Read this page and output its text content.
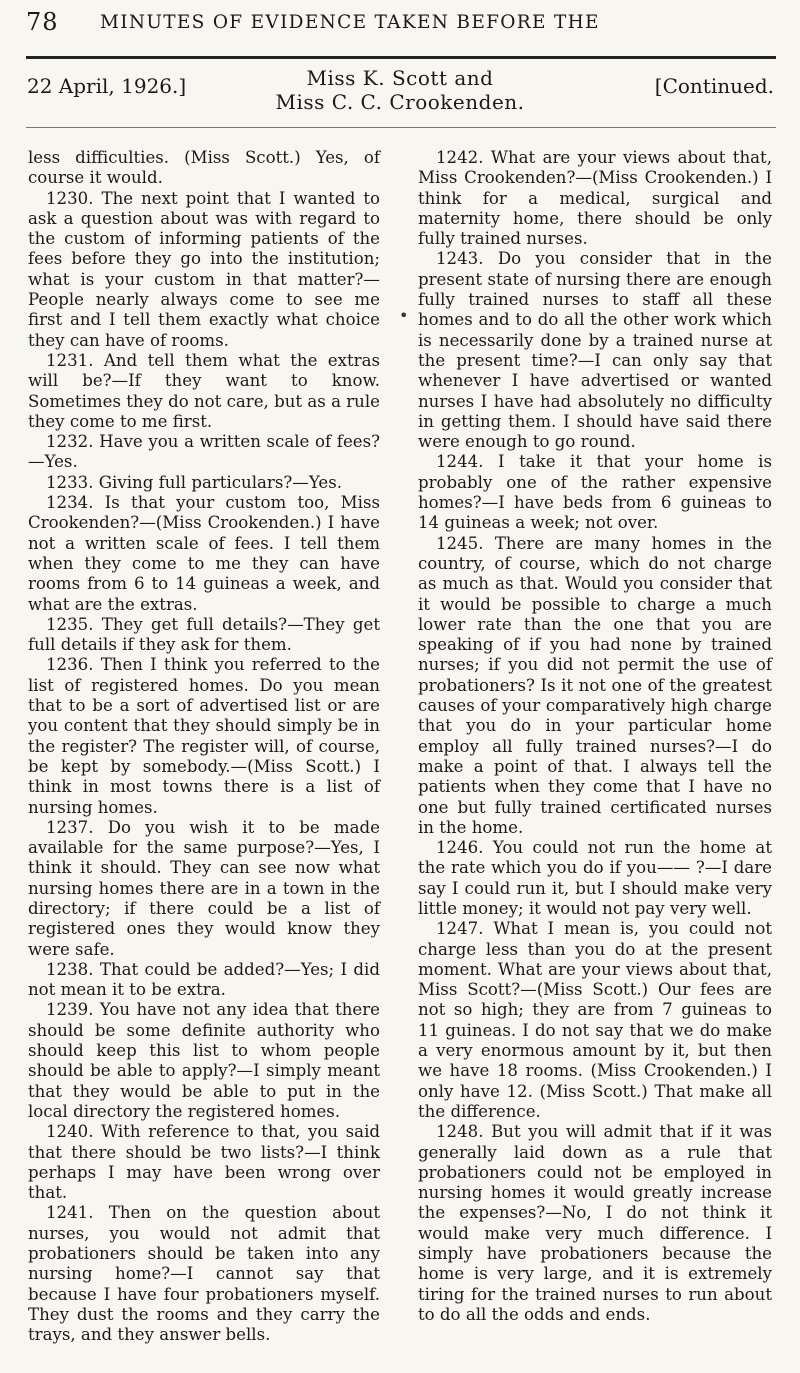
78 MINUTES OF EVIDENCE TAKEN BEFORE THE
22 April, 1926.]	Miss K. Scott and
Miss C. C. Crookenden.
[Continued.

less difficulties. (Miss Scott.) Yes, of course it would.

1230. The next point that I wanted to ask a question about was with regard to the custom of informing patients of the fees before they go into the institution; what is your custom in that matter?—People nearly always come to see me first and I tell them exactly what choice they can have of rooms.

1231. And tell them what the extras will be?—If they want to know. Sometimes they do not care, but as a rule they come to me first.

1232. Have you a written scale of fees?—Yes.

1233. Giving full particulars?—Yes.

1234. Is that your custom too, Miss Crookenden?—(Miss Crookenden.) I have not a written scale of fees. I tell them when they come to me they can have rooms from 6 to 14 guineas a week, and what are the extras.

1235. They get full details?—They get full details if they ask for them.

1236. Then I think you referred to the list of registered homes. Do you mean that to be a sort of advertised list or are you content that they should simply be in the register? The register will, of course, be kept by somebody.—(Miss Scott.) I think in most towns there is a list of nursing homes.

1237. Do you wish it to be made available for the same purpose?—Yes, I think it should. They can see now what nursing homes there are in a town in the directory; if there could be a list of registered ones they would know they were safe.

1238. That could be added?—Yes; I did not mean it to be extra.

1239. You have not any idea that there should be some definite authority who should keep this list to whom people should be able to apply?—I simply meant that they would be able to put in the local directory the registered homes.

1240. With reference to that, you said that there should be two lists?—I think perhaps I may have been wrong over that.

1241. Then on the question about nurses, you would not admit that probationers should be taken into any nursing home?—I cannot say that because I have four probationers myself. They dust the rooms and they carry the trays, and they answer bells.

•

1242. What are your views about that, Miss Crookenden?—(Miss Crookenden.) I think for a medical, surgical and maternity home, there should be only fully trained nurses.

1243. Do you consider that in the present state of nursing there are enough fully trained nurses to staff all these homes and to do all the other work which is necessarily done by a trained nurse at the present time?—I can only say that whenever I have advertised or wanted nurses I have had absolutely no difficulty in getting them. I should have said there were enough to go round.

1244. I take it that your home is probably one of the rather expensive homes?—I have beds from 6 guineas to 14 guineas a week; not over.

1245. There are many homes in the country, of course, which do not charge as much as that. Would you consider that it would be possible to charge a much lower rate than the one that you are speaking of if you had none by trained nurses; if you did not permit the use of probationers? Is it not one of the greatest causes of your comparatively high charge that you do in your particular home employ all fully trained nurses?—I do make a point of that. I always tell the patients when they come that I have no one but fully trained certificated nurses in the home.

1246. You could not run the home at the rate which you do if you—— ?—I dare say I could run it, but I should make very little money; it would not pay very well.

1247. What I mean is, you could not charge less than you do at the present moment. What are your views about that, Miss Scott?—(Miss Scott.) Our fees are not so high; they are from 7 guineas to 11 guineas. I do not say that we do make a very enormous amount by it, but then we have 18 rooms. (Miss Crookenden.) I only have 12. (Miss Scott.) That make all the difference.

1248. But you will admit that if it was generally laid down as a rule that probationers could not be employed in nursing homes it would greatly increase the expenses?—No, I do not think it would make very much difference. I simply have probationers because the home is very large, and it is extremely tiring for the trained nurses to run about to do all the odds and ends.
